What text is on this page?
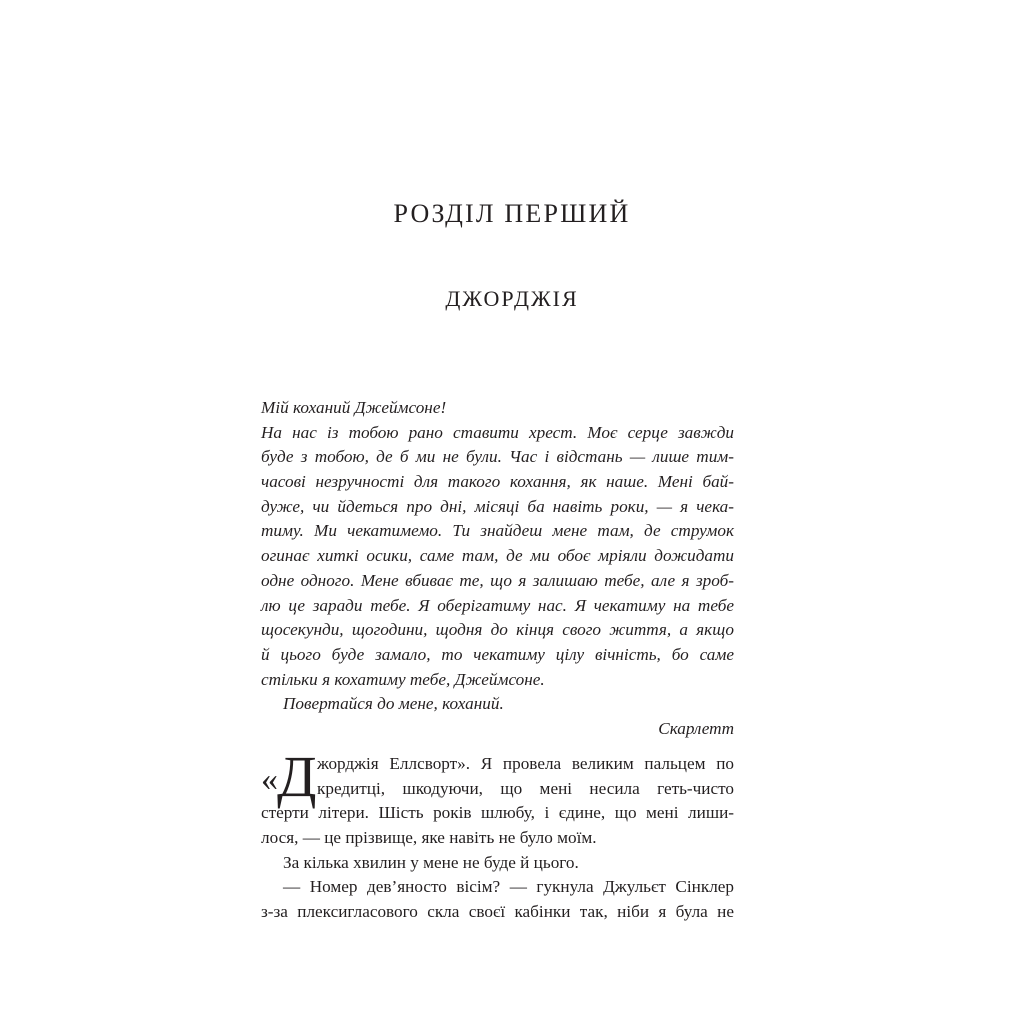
РОЗДІЛ ПЕРШИЙ
ДЖОРДЖІЯ
Мій коханий Джеймсоне!
На нас із тобою рано ставити хрест. Моє серце завжди
буде з тобою, де б ми не були. Час і відстань — лише тим-
часові незручності для такого кохання, як наше. Мені бай-
дуже, чи йдеться про дні, місяці ба навіть роки, — я чека-
тиму. Ми чекатимемо. Ти знайдеш мене там, де струмок
огинає хиткі осики, саме там, де ми обоє мріяли дожидати
одне одного. Мене вбиває те, що я залишаю тебе, але я зроб-
лю це заради тебе. Я оберігатиму нас. Я чекатиму на тебе
щосекунди, щогодини, щодня до кінця свого життя, а якщо
й цього буде замало, то чекатиму цілу вічність, бо саме
стільки я кохатиму тебе, Джеймсоне.
Повертайся до мене, коханий.
Скарлетт
«Д жорджія Еллсворт». Я провела великим пальцем по
кредитці, шкодуючи, що мені несила геть-чисто
стерти літери. Шість років шлюбу, і єдине, що мені лиши-
лося, — це прізвище, яке навіть не було моїм.
За кілька хвилин у мене не буде й цього.
— Номер дев’яносто вісім? — гукнула Джульєт Сінклер
з-за плексигласового скла своєї кабінки так, ніби я була не
